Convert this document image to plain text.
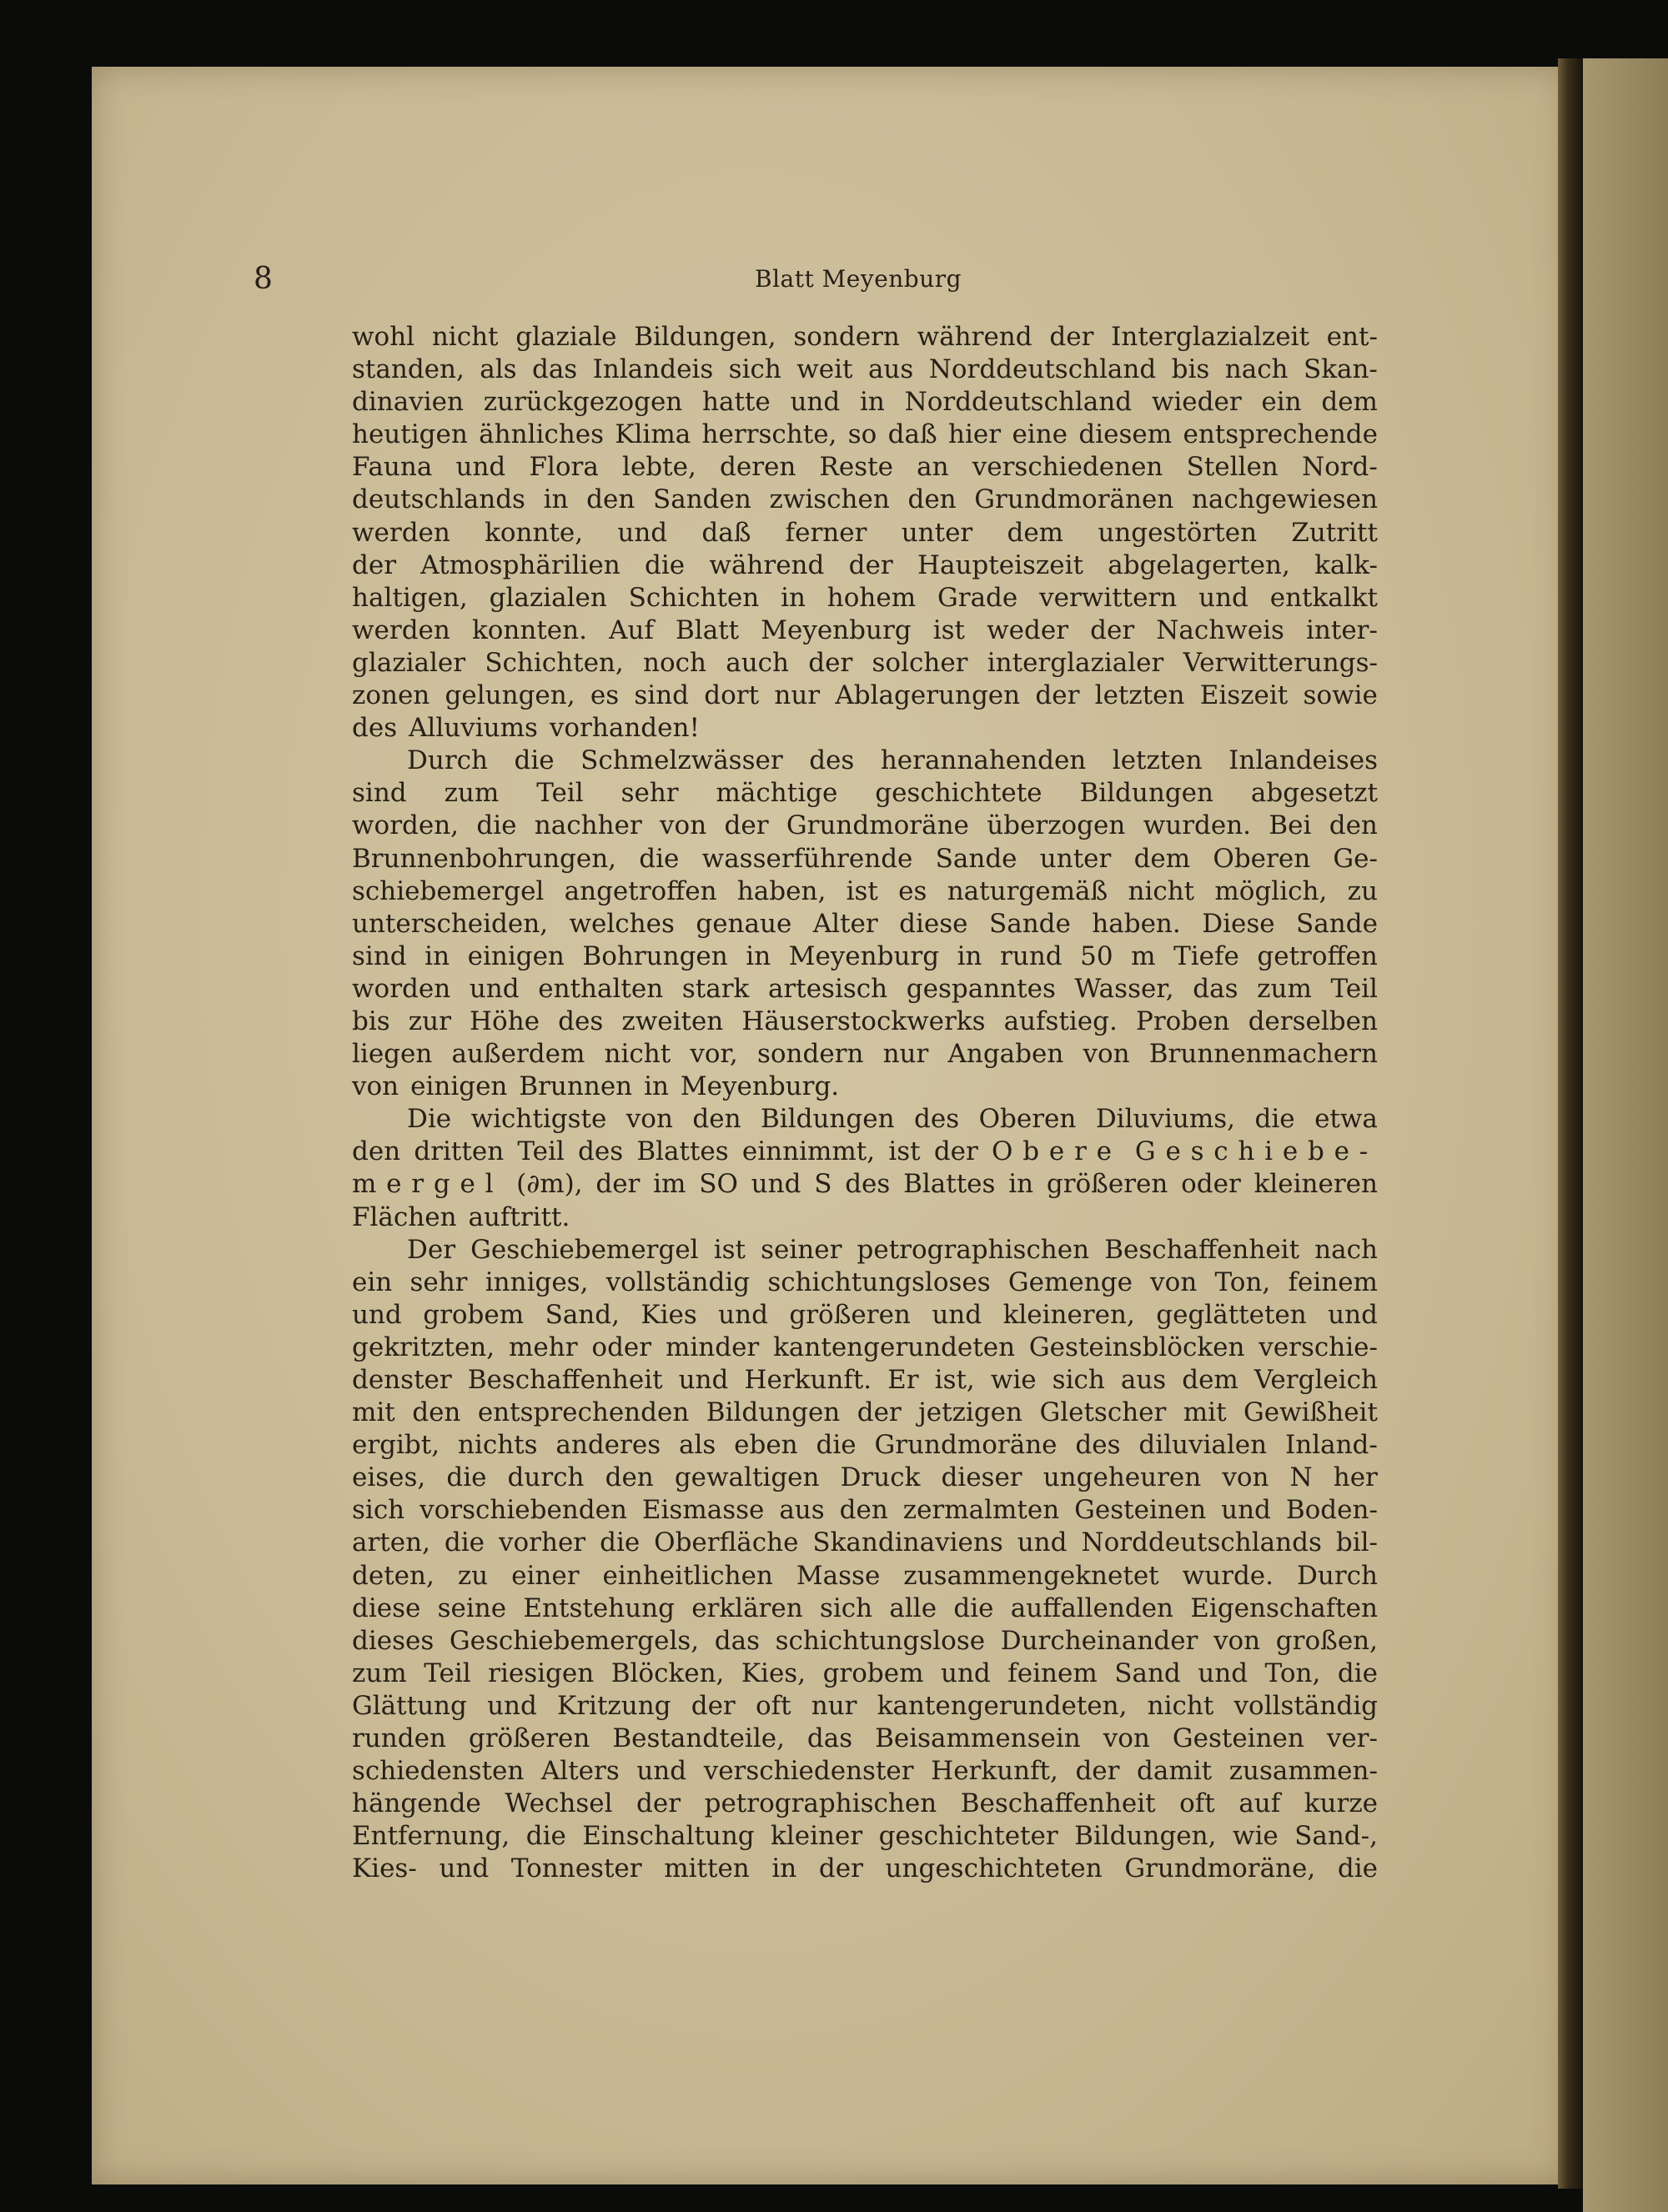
8	Blatt Meyenburg
wohl nicht glaziale Bildungen, sondern während der Interglazialzeit ent-
standen, als das Inlandeis sich weit aus Norddeutschland bis nach Skan-
dinavien zurückgezogen hatte und in Norddeutschland wieder ein dem
heutigen ähnliches Klima herrschte, so daß hier eine diesem entsprechende
Fauna und Flora lebte, deren Reste an verschiedenen Stellen Nord-
deutschlands in den Sanden zwischen den Grundmoränen nachgewiesen
werden konnte, und daß ferner unter dem ungestörten Zutritt
der Atmosphärilien die während der Haupteiszeit abgelagerten, kalk-
haltigen, glazialen Schichten in hohem Grade verwittern und entkalkt
werden konnten. Auf Blatt Meyenburg ist weder der Nachweis inter-
glazialer Schichten, noch auch der solcher interglazialer Verwitterungs-
zonen gelungen, es sind dort nur Ablagerungen der letzten Eiszeit sowie
des Alluviums vorhanden!
Durch die Schmelzwässer des herannahenden letzten Inlandeises
sind zum Teil sehr mächtige geschichtete Bildungen abgesetzt
worden, die nachher von der Grundmoräne überzogen wurden. Bei den
Brunnenbohrungen, die wasserführende Sande unter dem Oberen Ge-
schiebemergel angetroffen haben, ist es naturgemäß nicht möglich, zu
unterscheiden, welches genaue Alter diese Sande haben. Diese Sande
sind in einigen Bohrungen in Meyenburg in rund 50 m Tiefe getroffen
worden und enthalten stark artesisch gespanntes Wasser, das zum Teil
bis zur Höhe des zweiten Häuserstockwerks aufstieg. Proben derselben
liegen außerdem nicht vor, sondern nur Angaben von Brunnenmachern
von einigen Brunnen in Meyenburg.
Die wichtigste von den Bildungen des Oberen Diluviums, die etwa
den dritten Teil des Blattes einnimmt, ist der Obere Geschiebe-
mergel (∂m), der im SO und S des Blattes in größeren oder kleineren
Flächen auftritt.
Der Geschiebemergel ist seiner petrographischen Beschaffenheit nach
ein sehr inniges, vollständig schichtungsloses Gemenge von Ton, feinem
und grobem Sand, Kies und größeren und kleineren, geglätteten und
gekritzten, mehr oder minder kantengerundeten Gesteinsblöcken verschie-
denster Beschaffenheit und Herkunft. Er ist, wie sich aus dem Vergleich
mit den entsprechenden Bildungen der jetzigen Gletscher mit Gewißheit
ergibt, nichts anderes als eben die Grundmoräne des diluvialen Inland-
eises, die durch den gewaltigen Druck dieser ungeheuren von N her
sich vorschiebenden Eismasse aus den zermalmten Gesteinen und Boden-
arten, die vorher die Oberfläche Skandinaviens und Norddeutschlands bil-
deten, zu einer einheitlichen Masse zusammengeknetet wurde. Durch
diese seine Entstehung erklären sich alle die auffallenden Eigenschaften
dieses Geschiebemergels, das schichtungslose Durcheinander von großen,
zum Teil riesigen Blöcken, Kies, grobem und feinem Sand und Ton, die
Glättung und Kritzung der oft nur kantengerundeten, nicht vollständig
runden größeren Bestandteile, das Beisammensein von Gesteinen ver-
schiedensten Alters und verschiedenster Herkunft, der damit zusammen-
hängende Wechsel der petrographischen Beschaffenheit oft auf kurze
Entfernung, die Einschaltung kleiner geschichteter Bildungen, wie Sand-,
Kies- und Tonnester mitten in der ungeschichteten Grundmoräne, die
